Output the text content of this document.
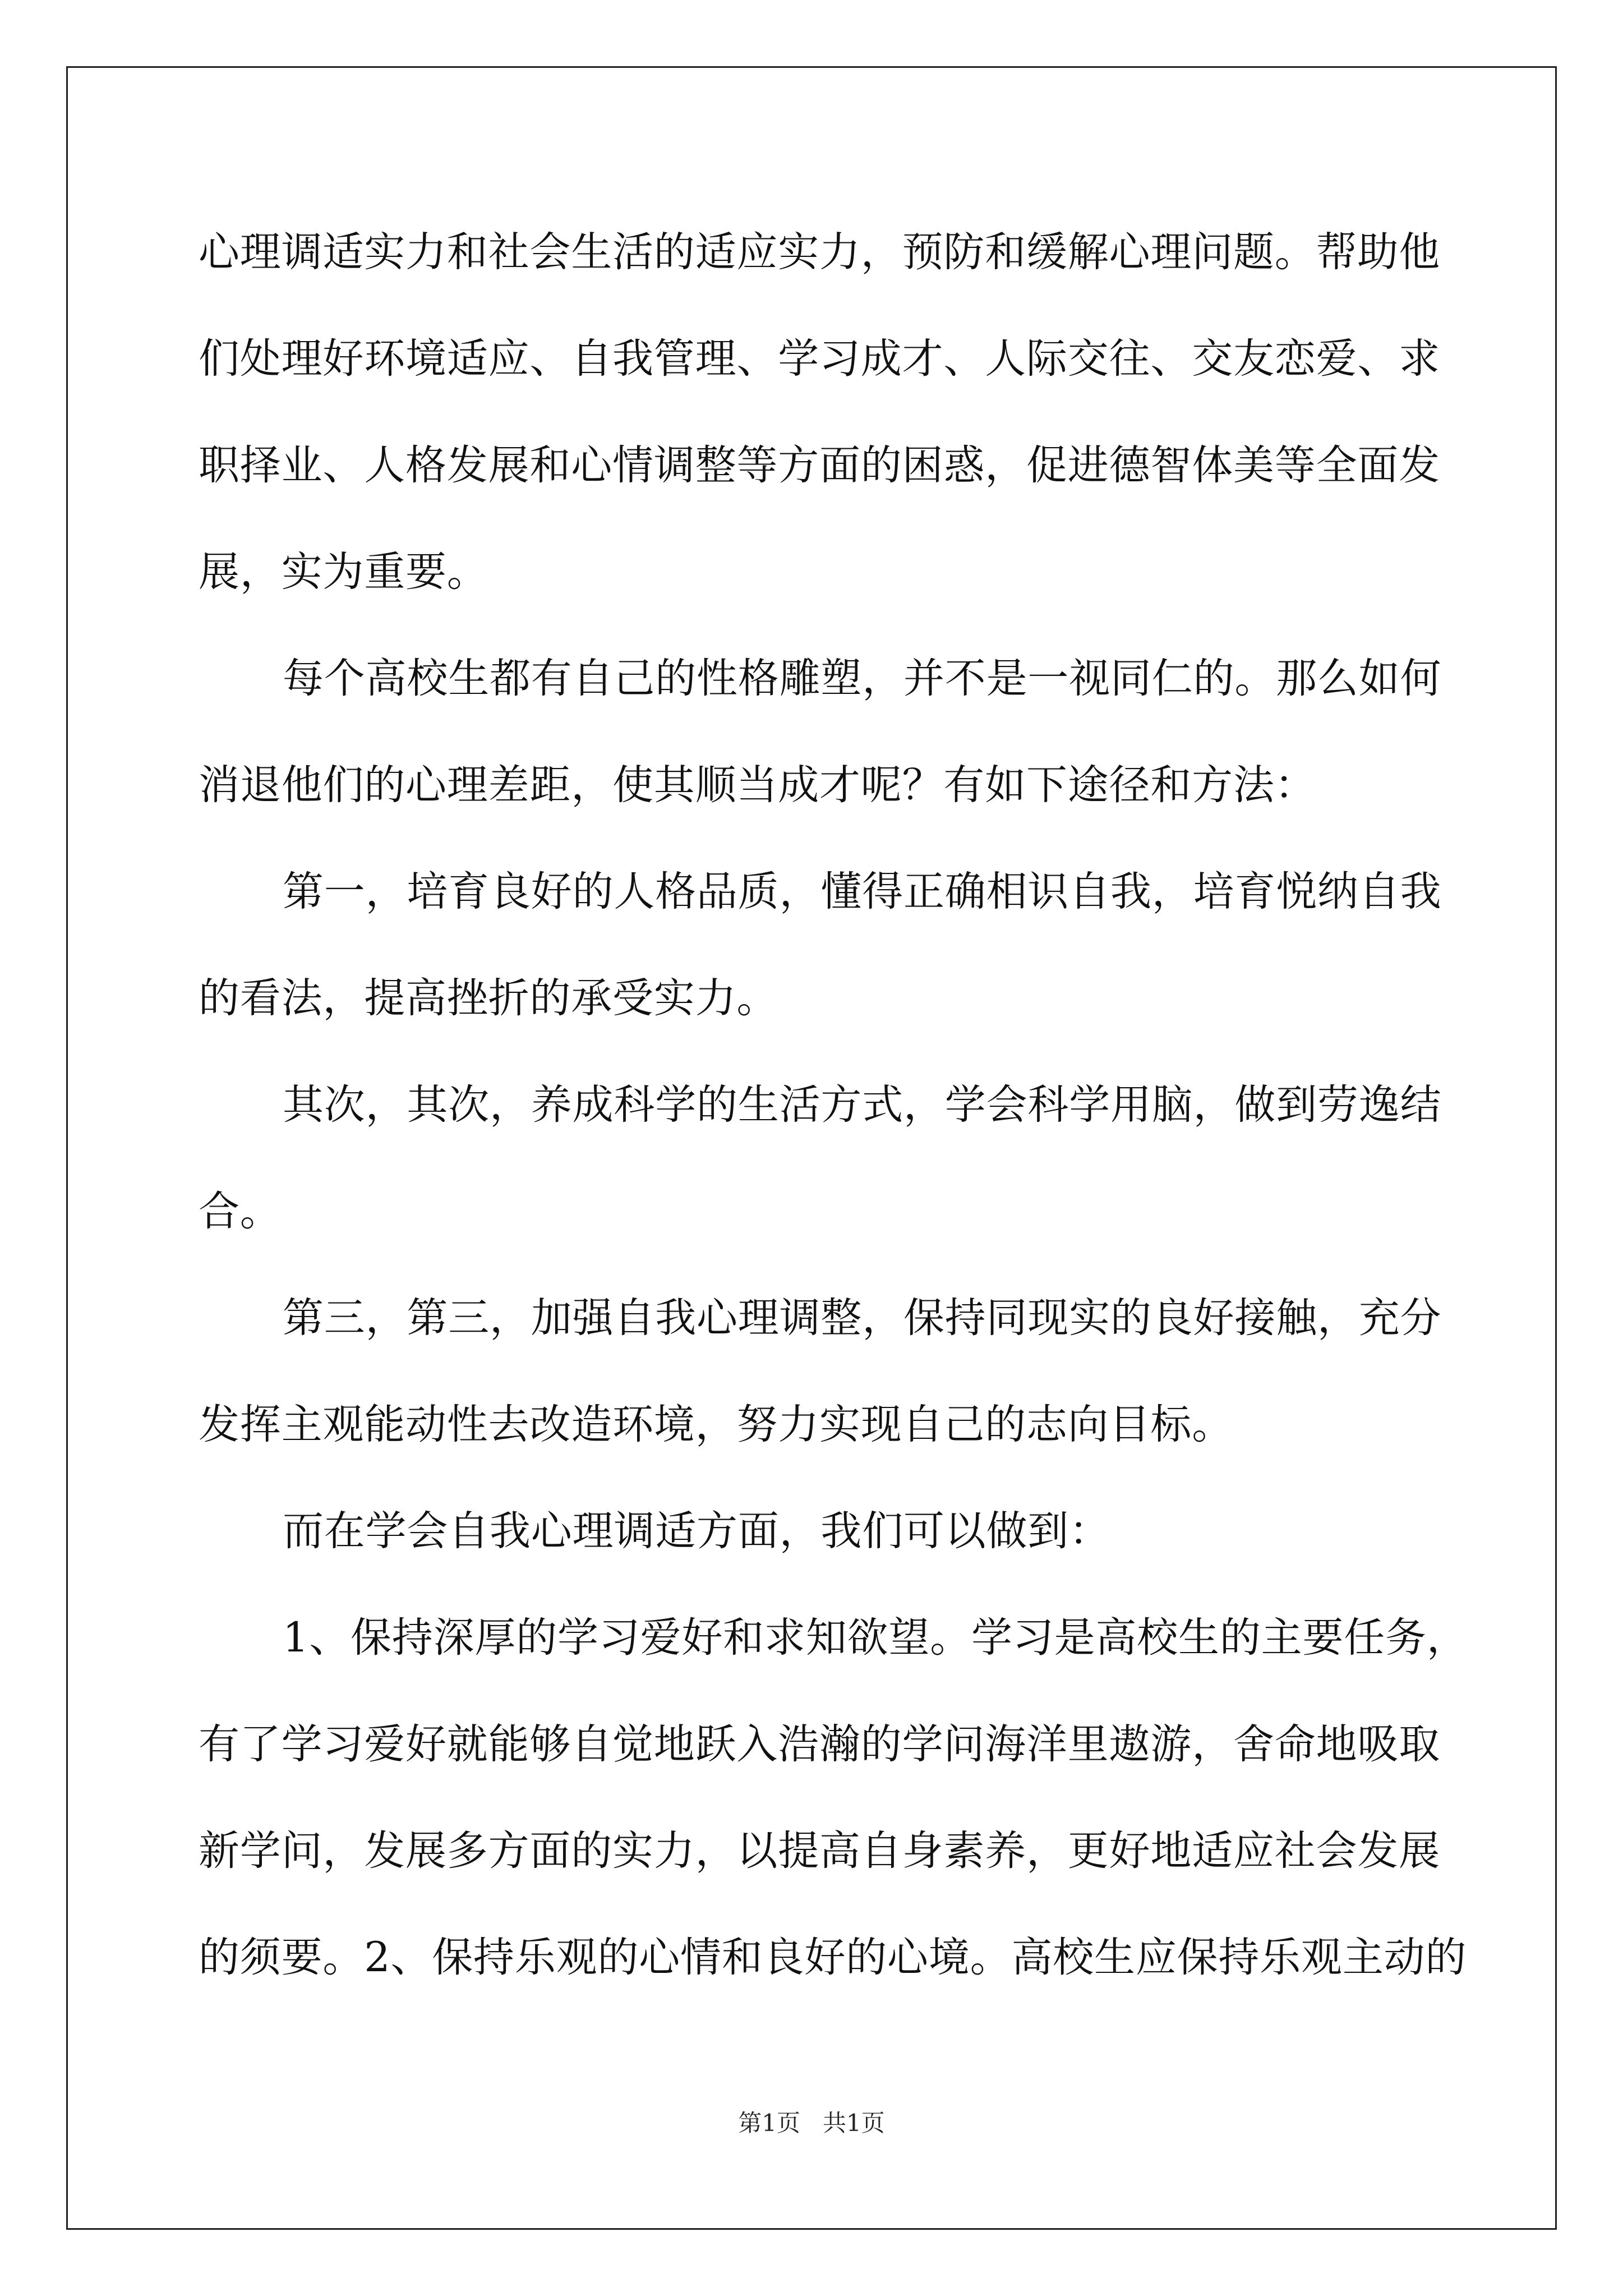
心理调适实力和社会生活的适应实力，预防和缓解心理问题。帮助他
们处理好环境适应、自我管理、学习成才、人际交往、交友恋爱、求
职择业、人格发展和心情调整等方面的困惑，促进德智体美等全面发
展，实为重要。
每个高校生都有自己的性格雕塑，并不是一视同仁的。那么如何
消退他们的心理差距，使其顺当成才呢？有如下途径和方法：
第一，培育良好的人格品质，懂得正确相识自我，培育悦纳自我
的看法，提高挫折的承受实力。
其次，其次，养成科学的生活方式，学会科学用脑，做到劳逸结
合。
第三，第三，加强自我心理调整，保持同现实的良好接触，充分
发挥主观能动性去改造环境，努力实现自己的志向目标。
而在学会自我心理调适方面，我们可以做到：
1、保持深厚的学习爱好和求知欲望。学习是高校生的主要任务，
有了学习爱好就能够自觉地跃入浩瀚的学问海洋里遨游，舍命地吸取
新学问，发展多方面的实力，以提高自身素养，更好地适应社会发展
的须要。2、保持乐观的心情和良好的心境。高校生应保持乐观主动的
第1页   共1页
